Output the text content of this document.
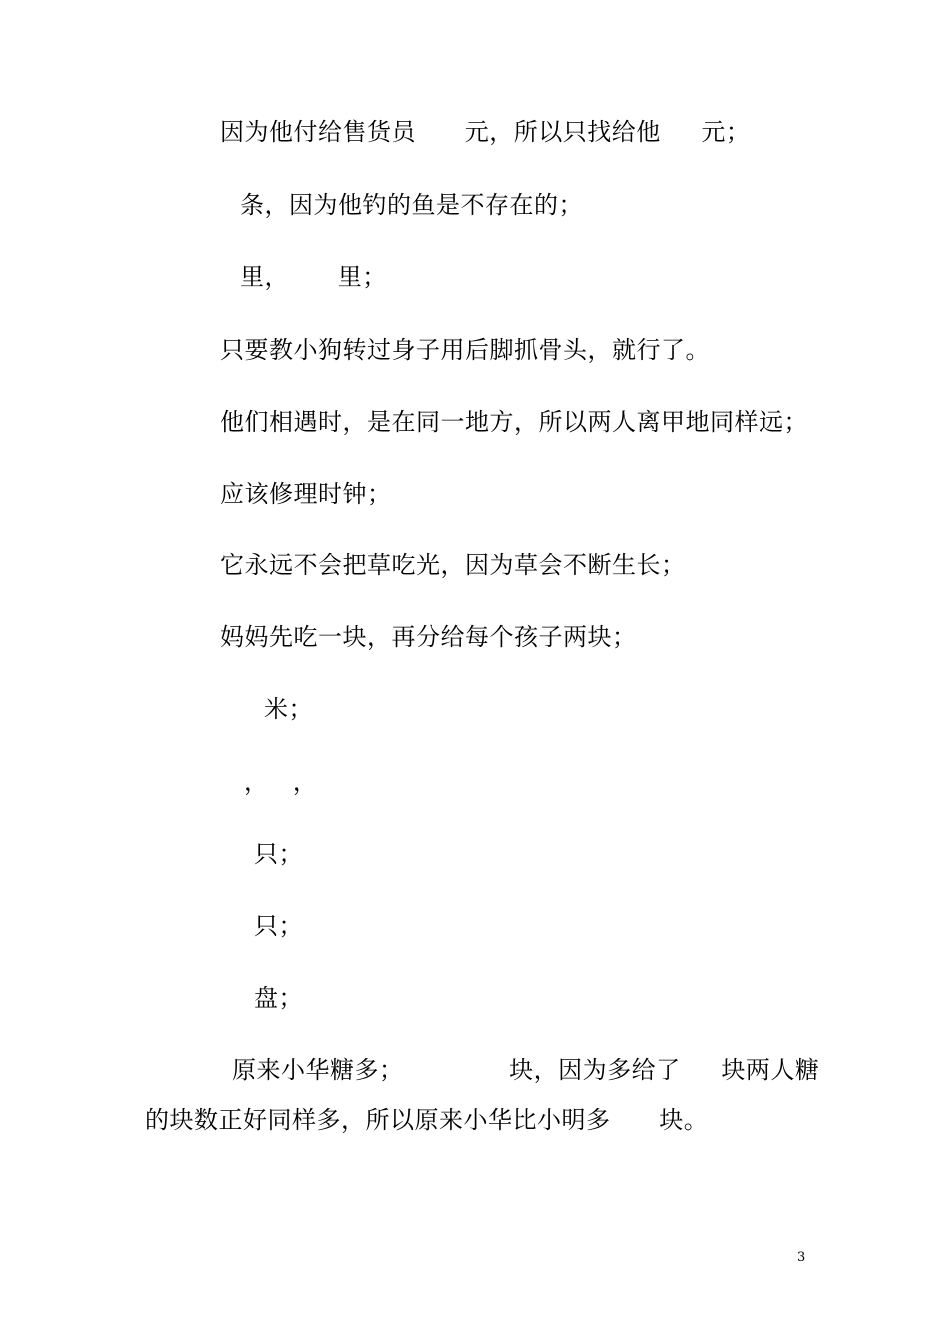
因为他付给售货员      元，所以只找给他     元；
条，因为他钓的鱼是不存在的；
里，      里；
只要教小狗转过身子用后脚抓骨头，就行了。
他们相遇时，是在同一地方，所以两人离甲地同样远；
应该修理时钟；
它永远不会把草吃光，因为草会不断生长；
妈妈先吃一块，再分给每个孩子两块；
米；
，   ，
只；
只；
盘；
原来小华糖多；             块，因为多给了     块两人糖
的块数正好同样多，所以原来小华比小明多      块。
3
